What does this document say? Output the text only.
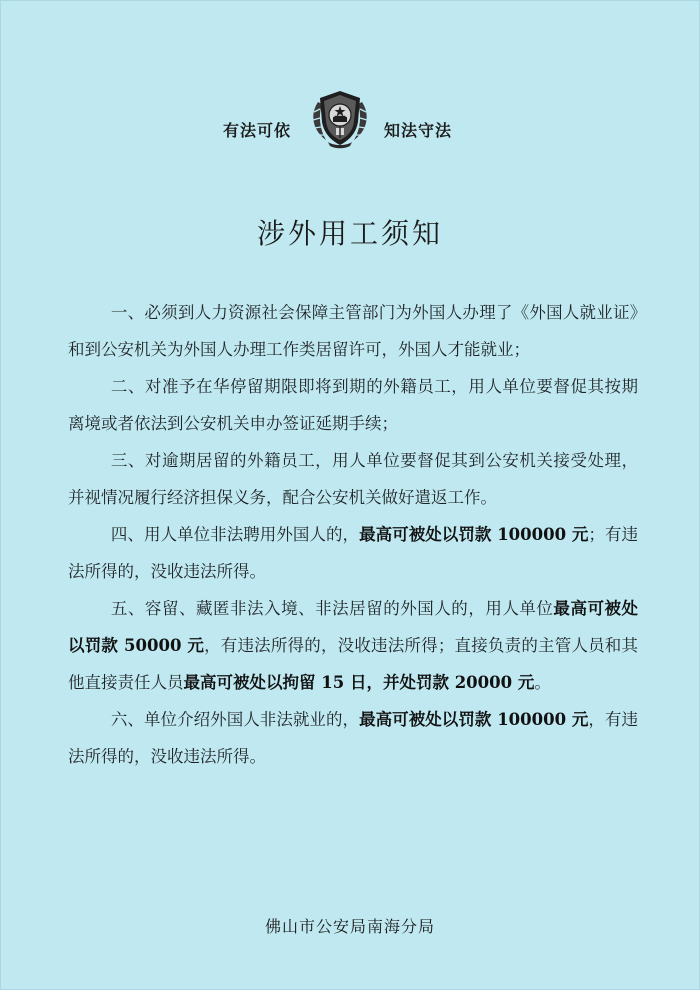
有法可依	知法守法
涉外用工须知

一、必须到人力资源社会保障主管部门为外国人办理了《外国人就业证》和到公安机关为外国人办理工作类居留许可，外国人才能就业；

二、对准予在华停留期限即将到期的外籍员工，用人单位要督促其按期离境或者依法到公安机关申办签证延期手续；

三、对逾期居留的外籍员工，用人单位要督促其到公安机关接受处理，并视情况履行经济担保义务，配合公安机关做好遣返工作。

四、用人单位非法聘用外国人的，最高可被处以罚款 100000 元；有违法所得的，没收违法所得。

五、容留、藏匿非法入境、非法居留的外国人的，用人单位最高可被处以罚款 50000 元，有违法所得的，没收违法所得；直接负责的主管人员和其他直接责任人员最高可被处以拘留 15 日，并处罚款 20000 元。

六、单位介绍外国人非法就业的，最高可被处以罚款 100000 元，有违法所得的，没收违法所得。

佛山市公安局南海分局
